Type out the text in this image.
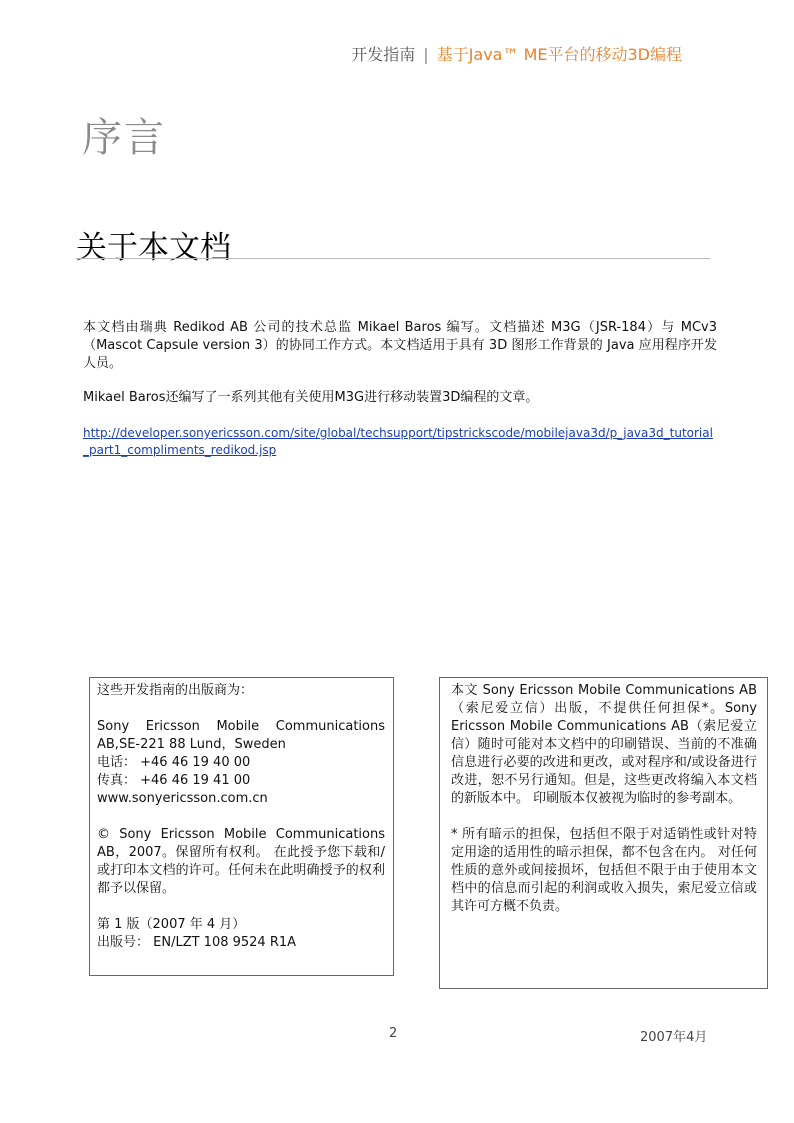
开发指南 | 基于Java™ ME平台的移动3D编程
序言
关于本文档

本文档由瑞典 Redikod AB 公司的技术总监 Mikael Baros 编写。文档描述 M3G（JSR-184）与 MCv3（Mascot Capsule version 3）的协同工作方式。本文档适用于具有 3D 图形工作背景的 Java 应用程序开发人员。

Mikael Baros还编写了一系列其他有关使用M3G进行移动装置3D编程的文章。

http://developer.sonyericsson.com/site/global/techsupport/tipstrickscode/mobilejava3d/p_java3d_tutorial_part1_compliments_redikod.jsp

这些开发指南的出版商为：

Sony Ericsson Mobile Communications AB,SE-221 88 Lund，Sweden

电话： +46 46 19 40 00

传真： +46 46 19 41 00

www.sonyericsson.com.cn

© Sony Ericsson Mobile Communications AB，2007。保留所有权利。 在此授予您下载和/ 或打印本文档的许可。任何未在此明确授予的权利都予以保留。

第 1 版（2007 年 4 月）

出版号： EN/LZT 108 9524 R1A

本文 Sony Ericsson Mobile Communications AB （索尼爱立信）出版，不提供任何担保*。Sony Ericsson Mobile Communications AB（索尼爱立信）随时可能对本文档中的印刷错误、当前的不准确信息进行必要的改进和更改，或对程序和/或设备进行改进，恕不另行通知。但是，这些更改将编入本文档的新版本中。 印刷版本仅被视为临时的参考副本。

* 所有暗示的担保，包括但不限于对适销性或针对特定用途的适用性的暗示担保，都不包含在内。 对任何性质的意外或间接损坏，包括但不限于由于使用本文档中的信息而引起的利润或收入损失，索尼爱立信或其许可方概不负责。

2	2007年4月
